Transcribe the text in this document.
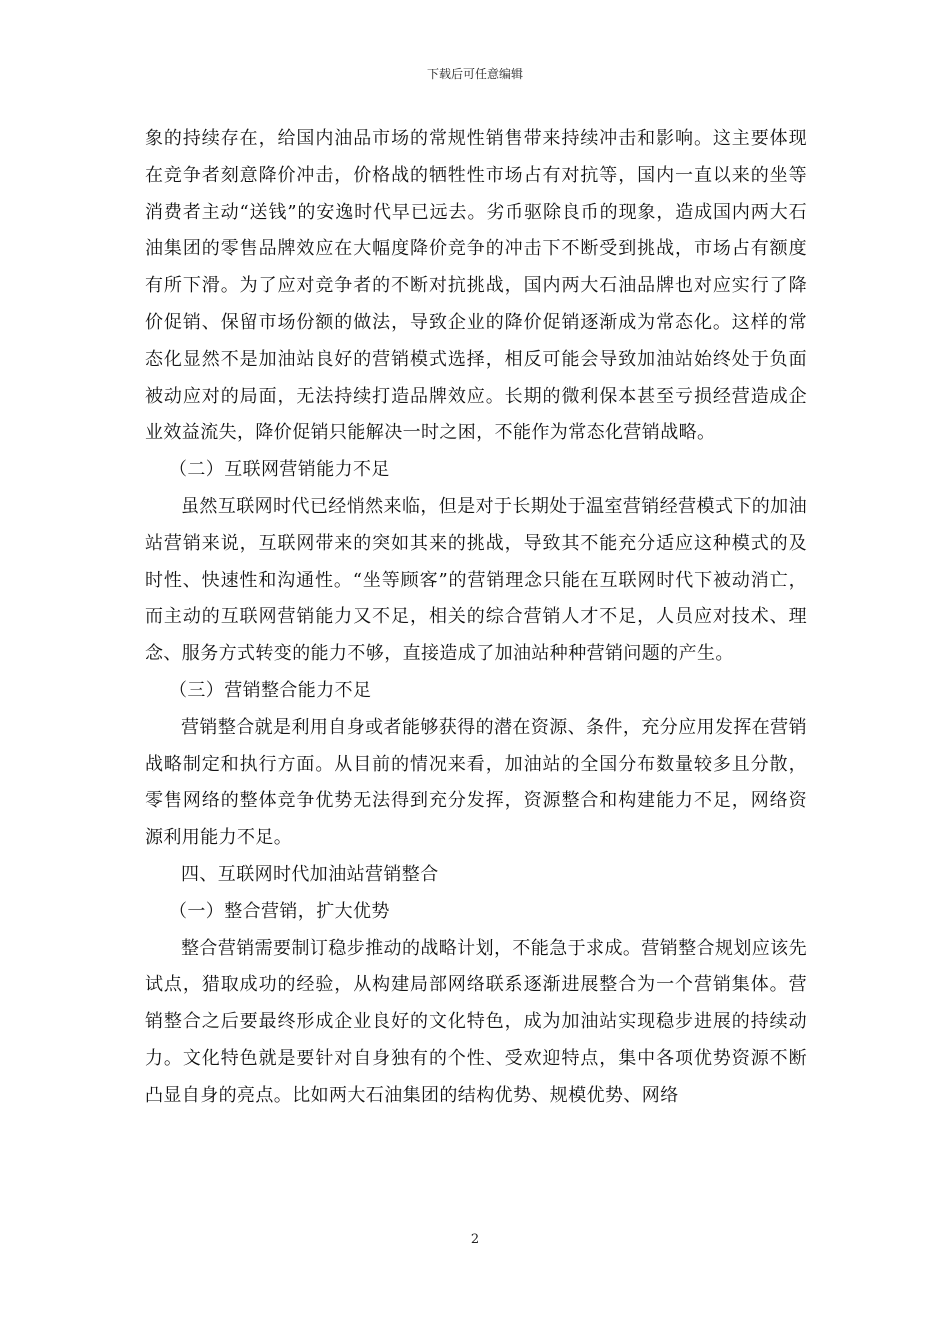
下载后可任意编辑

象的持续存在，给国内油品市场的常规性销售带来持续冲击和影响。这主要体现在竞争者刻意降价冲击，价格战的牺牲性市场占有对抗等，国内一直以来的坐等消费者主动“送钱”的安逸时代早已远去。劣币驱除良币的现象，造成国内两大石油集团的零售品牌效应在大幅度降价竞争的冲击下不断受到挑战，市场占有额度有所下滑。为了应对竞争者的不断对抗挑战，国内两大石油品牌也对应实行了降价促销、保留市场份额的做法，导致企业的降价促销逐渐成为常态化。这样的常态化显然不是加油站良好的营销模式选择，相反可能会导致加油站始终处于负面被动应对的局面，无法持续打造品牌效应。长期的微利保本甚至亏损经营造成企业效益流失，降价促销只能解决一时之困，不能作为常态化营销战略。

（二）互联网营销能力不足

虽然互联网时代已经悄然来临，但是对于长期处于温室营销经营模式下的加油站营销来说，互联网带来的突如其来的挑战，导致其不能充分适应这种模式的及时性、快速性和沟通性。“坐等顾客”的营销理念只能在互联网时代下被动消亡，而主动的互联网营销能力又不足，相关的综合营销人才不足，人员应对技术、理念、服务方式转变的能力不够，直接造成了加油站种种营销问题的产生。

（三）营销整合能力不足

营销整合就是利用自身或者能够获得的潜在资源、条件，充分应用发挥在营销战略制定和执行方面。从目前的情况来看，加油站的全国分布数量较多且分散，零售网络的整体竞争优势无法得到充分发挥，资源整合和构建能力不足，网络资源利用能力不足。

四、互联网时代加油站营销整合

（一）整合营销，扩大优势

整合营销需要制订稳步推动的战略计划，不能急于求成。营销整合规划应该先试点，猎取成功的经验，从构建局部网络联系逐渐进展整合为一个营销集体。营销整合之后要最终形成企业良好的文化特色，成为加油站实现稳步进展的持续动力。文化特色就是要针对自身独有的个性、受欢迎特点，集中各项优势资源不断凸显自身的亮点。比如两大石油集团的结构优势、规模优势、网络

2
